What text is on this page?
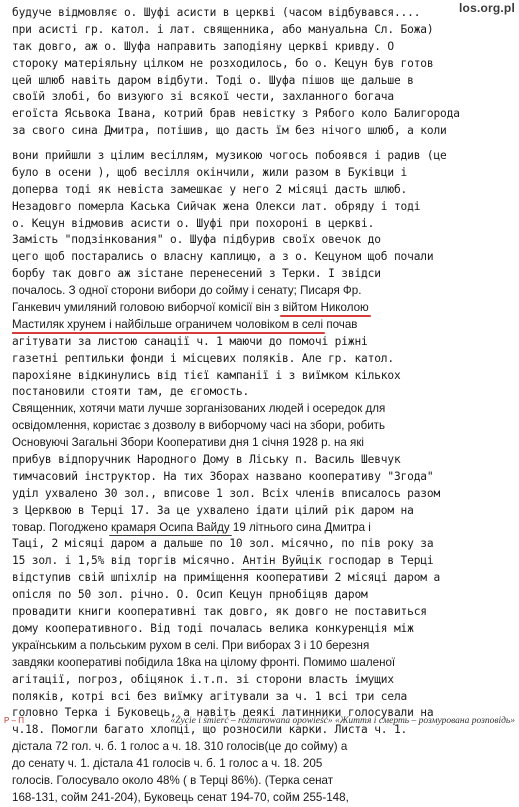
los.org.pl
будуче відмовляє о. Шуфі асисти в церкві (часом відбувався....
при асисті гр. катол. і лат. священника, або мануальна Сл. Божа)
так довго, аж о. Шуфа направить заподіяну церкві кривду. О
стороку матеріяльну цілком не розходилось, бо о. Кецун був готов
цей шлюб навіть даром відбути. Тоді о. Шуфа пішов ще дальше в
своїй злобі, бо визуюго зі всякої чести, захланного богача
егоїста Ясьвока Івана, котрий брав невістку з Рябого коло Балигорода
за свого сина Дмитра, потішив, що дасть їм без нічого шлюб, а коли
вони прийшли з цілим весіллям, музикою чогось побоявся і радив (це
було в осени ), щоб весілля окінчили, жили разом в Буківци і
доперва тоді як невіста замешкає у него 2 місяці дасть шлюб.
Незадовго померла Каська Сийчак жена Олекси лат. обряду і тоді
о. Кецун відмовив асисти о. Шуфі при похороні в церкві.
Замість "подзінкования" о. Шуфа підбурив своїх овечок до
цего щоб постарались о власну каплицю, а з о. Кецуном щоб почали
борбу так довго аж зістане перенесений з Терки. І звідси
почалось. З одної сторони вибори до сойму і сенату; Писаря Фр.
Ганкевич умиляний головою виборчої комісії він з війтом Николою
Мастиляк хрунем і найбільше ограничем чоловіком в селі почав
агітувати за листою санації ч. 1 маючи до помочі ріжні
газетні рептильки фонди і місцевих поляків. Але гр. катол.
парохіяне відкинулись від тієї кампанії і з виїмком кількох
постановили стояти там, де єгомость.
Священник, хотячи мати лучше зорганізованих людей і осередок для
освідомлення, користає з дозволу в виборчому часі на збори, робить
Основуючі Загальні Збори Кооперативи дня 1 січня 1928 р. на які
прибув відпоручник Народного Дому в Ліську п. Василь Шевчук
тимчасовий інструктор. На тих Зборах названо кооперативу "Згода"
уділ ухвалено 30 зол., вписове 1 зол. Всіх членів вписалось разом
з Церквою в Терці 17. За це ухвалено ідати цілий рік даром на
товар. Погоджено крамаря Осипа Вайду 19 літнього сина Дмитра і
Таці, 2 місяці даром а дальше по 10 зол. місячно, по пів року за
15 зол. і 1,5% від торгів місячно. Антін Вуйцік господар в Терці
відступив свій шпіхлір на приміщення кооперативи 2 місяці даром а
опісля по 50 зол. річно. О. Осип Кецун прнобіцяв даром
провадити книги кооперативні так довго, як довго не поставиться
дому кооперативного. Від тоді почалась велика конкуренція між
українським а польським рухом в селі. При виборах 3 і 10 березня
завдяки кооперативі побідила 18ка на цілому фронті. Помимо шаленої
агітації, погроз, обіцянок і.т.п. зі сторони власть імущих
поляків, котрі всі без виїмку агітували за ч. 1 всі три села
головно Терка і Буковець, а навіть деякі латинники голосували на
ч.18. Помогли багато хлопці, що розносили карки. Листа ч. 1.
дістала 72 гол. ч. б. 1 голос а ч. 18. 310 голосів(це до сойму) а
до сенату ч. 1. дістала 41 голосів ч. б. 1 голос а ч. 18. 205
голосів. Голосувало около 48% ( в Терці 86%). (Терка сенат
168-131, сойм 241-204), Буковець сенат 194-70, сойм 255-148,
Р – П	«Życie i śmierć – rozmurowana opowieść» «Життя і смерть – розмурована розповідь»
